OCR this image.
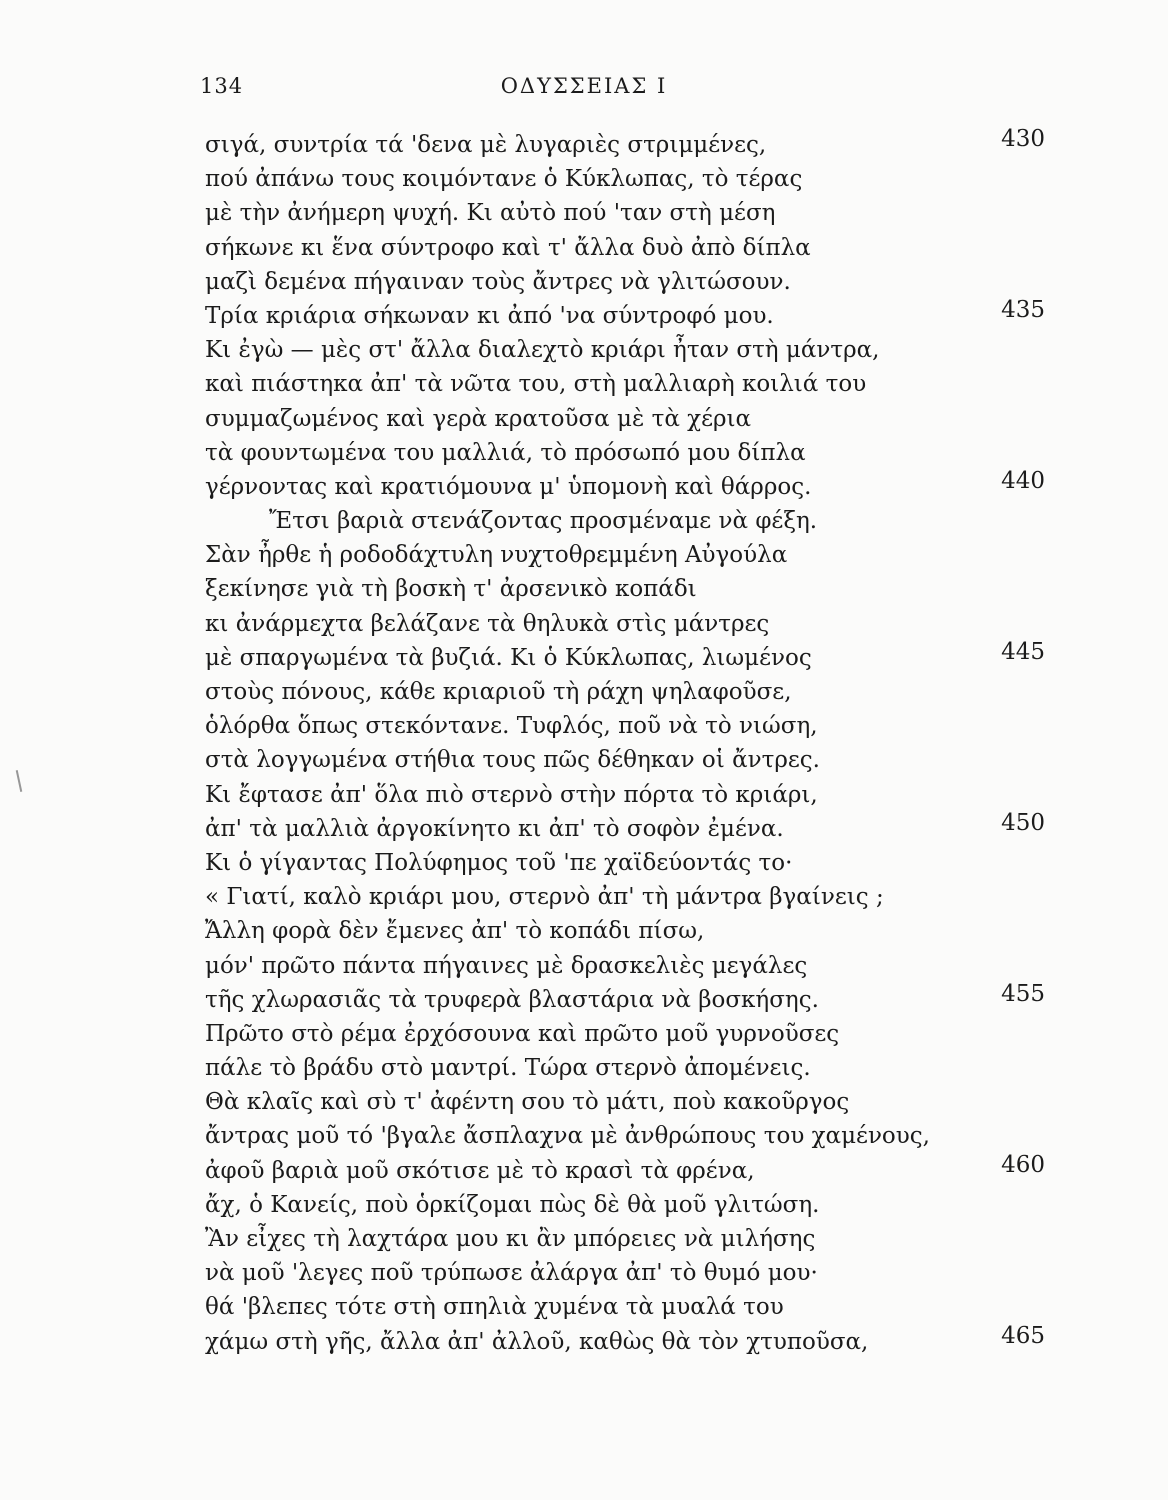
134	ΟΔΥΣΣΕΙΑΣ Ι
σιγά, συντρία τά 'δενα μὲ λυγαριὲς στριμμένες,	430
πού ἀπάνω τους κοιμόντανε ὁ Κύκλωπας, τὸ τέρας
μὲ τὴν ἀνήμερη ψυχή. Κι αὐτὸ πού 'ταν στὴ μέση
σήκωνε κι ἕνα σύντροφο καὶ τ' ἄλλα δυὸ ἀπὸ δίπλα
μαζὶ δεμένα πήγαιναν τοὺς ἄντρες νὰ γλιτώσουν.
Τρία κριάρια σήκωναν κι ἀπό 'να σύντροφό μου.	435
Κι ἐγὼ — μὲς στ' ἄλλα διαλεχτὸ κριάρι ἦταν στὴ μάντρα,
καὶ πιάστηκα ἀπ' τὰ νῶτα του, στὴ μαλλιαρὴ κοιλιά του
συμμαζωμένος καὶ γερὰ κρατοῦσα μὲ τὰ χέρια
τὰ φουντωμένα του μαλλιά, τὸ πρόσωπό μου δίπλα
γέρνοντας καὶ κρατιόμουνα μ' ὑπομονὴ καὶ θάρρος.	440
Ἔτσι βαριὰ στενάζοντας προσμέναμε νὰ φέξη.
Σὰν ἦρθε ἡ ροδοδάχτυλη νυχτοθρεμμένη Αὐγούλα
ξεκίνησε γιὰ τὴ βοσκὴ τ' ἀρσενικὸ κοπάδι
κι ἀνάρμεχτα βελάζανε τὰ θηλυκὰ στὶς μάντρες
μὲ σπαργωμένα τὰ βυζιά. Κι ὁ Κύκλωπας, λιωμένος	445
στοὺς πόνους, κάθε κριαριοῦ τὴ ράχη ψηλαφοῦσε,
ὁλόρθα ὅπως στεκόντανε. Τυφλός, ποῦ νὰ τὸ νιώση,
στὰ λογγωμένα στήθια τους πῶς δέθηκαν οἱ ἄντρες.
Κι ἔφτασε ἀπ' ὅλα πιὸ στερνὸ στὴν πόρτα τὸ κριάρι,
ἀπ' τὰ μαλλιὰ ἀργοκίνητο κι ἀπ' τὸ σοφὸν ἐμένα.	450
Κι ὁ γίγαντας Πολύφημος τοῦ 'πε χαϊδεύοντάς το·
« Γιατί, καλὸ κριάρι μου, στερνὸ ἀπ' τὴ μάντρα βγαίνεις ;
Ἄλλη φορὰ δὲν ἔμενες ἀπ' τὸ κοπάδι πίσω,
μόν' πρῶτο πάντα πήγαινες μὲ δρασκελιὲς μεγάλες
τῆς χλωρασιᾶς τὰ τρυφερὰ βλαστάρια νὰ βοσκήσης.	455
Πρῶτο στὸ ρέμα ἐρχόσουνα καὶ πρῶτο μοῦ γυρνοῦσες
πάλε τὸ βράδυ στὸ μαντρί. Τώρα στερνὸ ἀπομένεις.
Θὰ κλαῖς καὶ σὺ τ' ἀφέντη σου τὸ μάτι, ποὺ κακοῦργος
ἄντρας μοῦ τό 'βγαλε ἄσπλαχνα μὲ ἀνθρώπους του χαμένους,
ἀφοῦ βαριὰ μοῦ σκότισε μὲ τὸ κρασὶ τὰ φρένα,	460
ἄχ, ὁ Κανείς, ποὺ ὁρκίζομαι πὼς δὲ θὰ μοῦ γλιτώση.
Ἂν εἶχες τὴ λαχτάρα μου κι ἂν μπόρειες νὰ μιλήσης
νὰ μοῦ 'λεγες ποῦ τρύπωσε ἀλάργα ἀπ' τὸ θυμό μου·
θά 'βλεπες τότε στὴ σπηλιὰ χυμένα τὰ μυαλά του
χάμω στὴ γῆς, ἄλλα ἀπ' ἀλλοῦ, καθὼς θὰ τὸν χτυποῦσα,	465
